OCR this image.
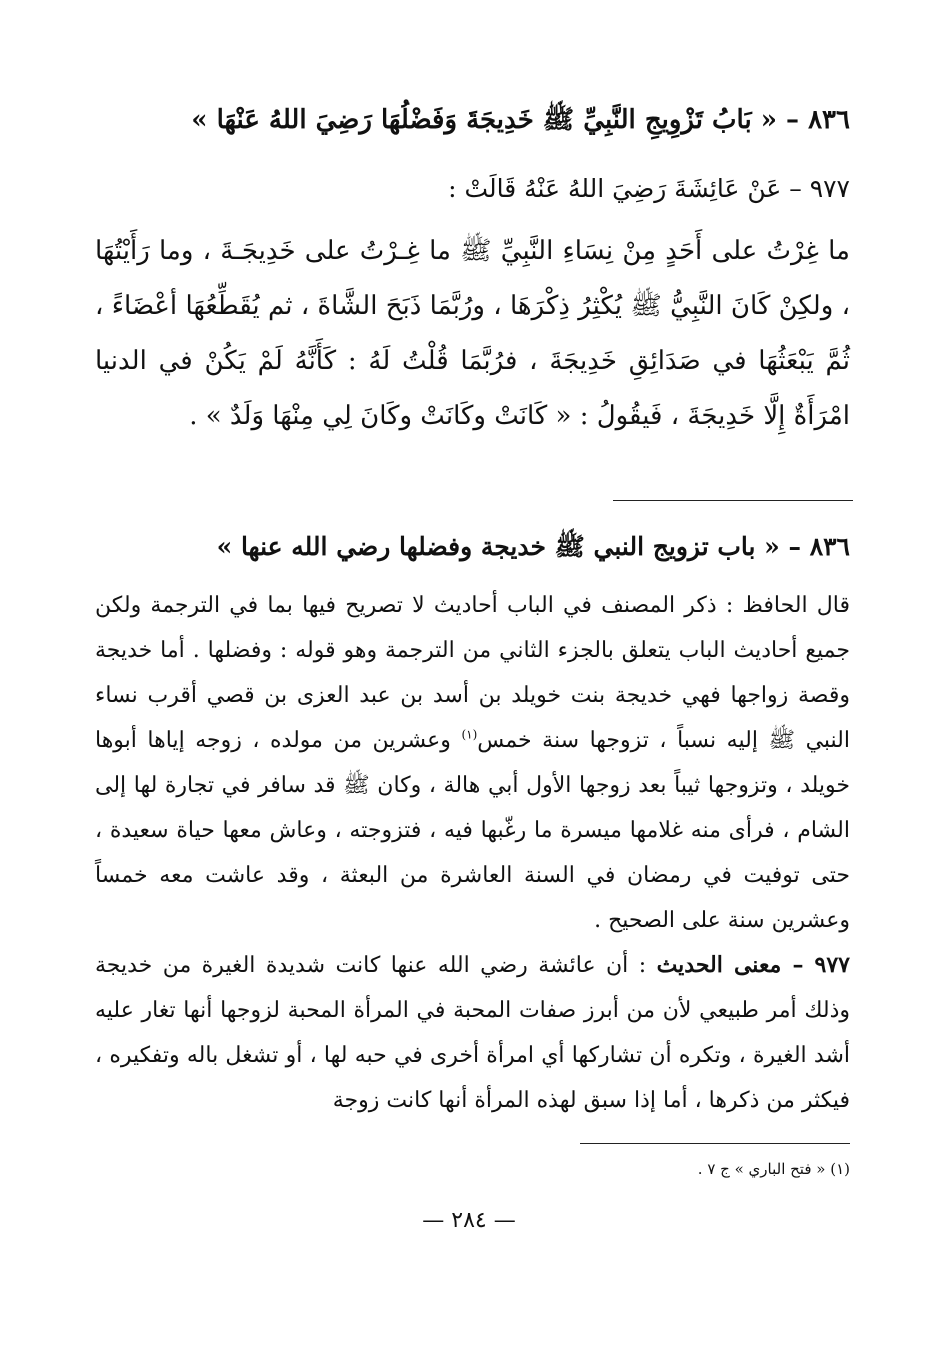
٨٣٦ – « بَابُ تَزْوِيجِ النَّبِيِّ ﷺ خَدِيجَةَ وَفَضْلُهَا رَضِيَ اللهُ عَنْهَا »
٩٧٧ – عَنْ عَائِشَةَ رَضِيَ اللهُ عَنْهُ قَالَتْ :
ما غِرْتُ على أَحَدٍ مِنْ نِسَاءِ النَّبِيِّ ﷺ ما غِـرْتُ على خَدِيجَـةَ ، وما رَأَيْتُهَا ، ولكِنْ كَانَ النَّبِيُّ ﷺ يُكْثِرُ ذِكْرَهَا ، ورُبَّمَا ذَبَحَ الشَّاةَ ، ثم يُقَطِّعُهَا أعْضَاءً ، ثُمَّ يَبْعَثُهَا في صَدَائِقِ خَدِيجَةَ ، فرُبَّمَا قُلْتُ لَهُ : كَأَنَّهُ لَمْ يَكُنْ في الدنيا امْرَأَةٌ إِلَّا خَدِيجَةَ ، فَيقُولُ : « كَانَتْ وكَانَتْ وكَانَ لِي مِنْهَا وَلَدٌ » .
٨٣٦ – « باب تزويج النبي ﷺ خديجة وفضلها رضي الله عنها »

قال الحافظ : ذكر المصنف في الباب أحاديث لا تصريح فيها بما في الترجمة ولكن جميع أحاديث الباب يتعلق بالجزء الثاني من الترجمة وهو قوله : وفضلها . أما خديجة وقصة زواجها فهي خديجة بنت خويلد بن أسد بن عبد العزى بن قصي أقرب نساء النبي ﷺ إليه نسباً ، تزوجها سنة خمس$^{(١)}$ وعشرين من مولده ، زوجه إياها أبوها خويلد ، وتزوجها ثيباً بعد زوجها الأول أبي هالة ، وكان ﷺ قد سافر في تجارة لها إلى الشام ، فرأى منه غلامها ميسرة ما رغّبها فيه ، فتزوجته ، وعاش معها حياة سعيدة ، حتى توفيت في رمضان في السنة العاشرة من البعثة ، وقد عاشت معه خمساً وعشرين سنة على الصحيح .

٩٧٧ – معنى الحديث : أن عائشة رضي الله عنها كانت شديدة الغيرة من خديجة وذلك أمر طبيعي لأن من أبرز صفات المحبة في المرأة المحبة لزوجها أنها تغار عليه أشد الغيرة ، وتكره أن تشاركها أي امرأة أخرى في حبه لها ، أو تشغل باله وتفكيره ، فيكثر من ذكرها ، أما إذا سبق لهذه المرأة أنها كانت زوجة

(١) « فتح الباري » ج ٧ .
— ٢٨٤ —
